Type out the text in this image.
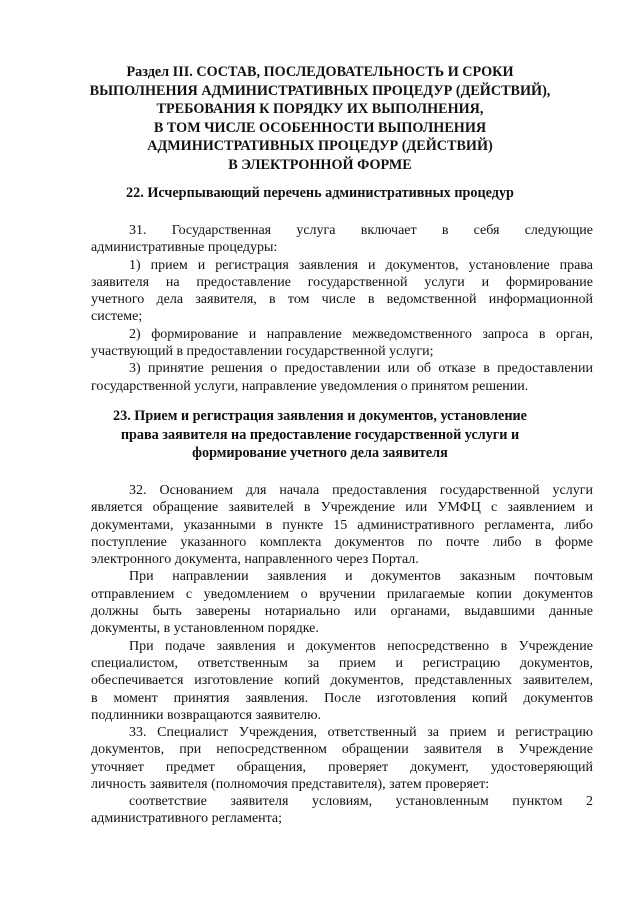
Раздел III. СОСТАВ, ПОСЛЕДОВАТЕЛЬНОСТЬ И СРОКИ
ВЫПОЛНЕНИЯ АДМИНИСТРАТИВНЫХ ПРОЦЕДУР (ДЕЙСТВИЙ),
ТРЕБОВАНИЯ К ПОРЯДКУ ИХ ВЫПОЛНЕНИЯ,
В ТОМ ЧИСЛЕ ОСОБЕННОСТИ ВЫПОЛНЕНИЯ
АДМИНИСТРАТИВНЫХ ПРОЦЕДУР (ДЕЙСТВИЙ)
В ЭЛЕКТРОННОЙ ФОРМЕ
22. Исчерпывающий перечень административных процедур
31. Государственная услуга включает в себя следующие
административные процедуры:
1) прием и регистрация заявления и документов, установление права
заявителя на предоставление государственной услуги и формирование
учетного дела заявителя, в том числе в ведомственной информационной
системе;
2) формирование и направление межведомственного запроса в орган,
участвующий в предоставлении государственной услуги;
3) принятие решения о предоставлении или об отказе в предоставлении
государственной услуги, направление уведомления о принятом решении.
23. Прием и регистрация заявления и документов, установление
права заявителя на предоставление государственной услуги и
формирование учетного дела заявителя
32. Основанием для начала предоставления государственной услуги
является обращение заявителей в Учреждение или УМФЦ с заявлением и
документами, указанными в пункте 15 административного регламента, либо
поступление указанного комплекта документов по почте либо в форме
электронного документа, направленного через Портал.
При направлении заявления и документов заказным почтовым
отправлением с уведомлением о вручении прилагаемые копии документов
должны быть заверены нотариально или органами, выдавшими данные
документы, в установленном порядке.
При подаче заявления и документов непосредственно в Учреждение
специалистом, ответственным за прием и регистрацию документов,
обеспечивается изготовление копий документов, представленных заявителем,
в момент принятия заявления. После изготовления копий документов
подлинники возвращаются заявителю.
33. Специалист Учреждения, ответственный за прием и регистрацию
документов, при непосредственном обращении заявителя в Учреждение
уточняет предмет обращения, проверяет документ, удостоверяющий
личность заявителя (полномочия представителя), затем проверяет:
соответствие заявителя условиям, установленным пунктом 2
административного регламента;
